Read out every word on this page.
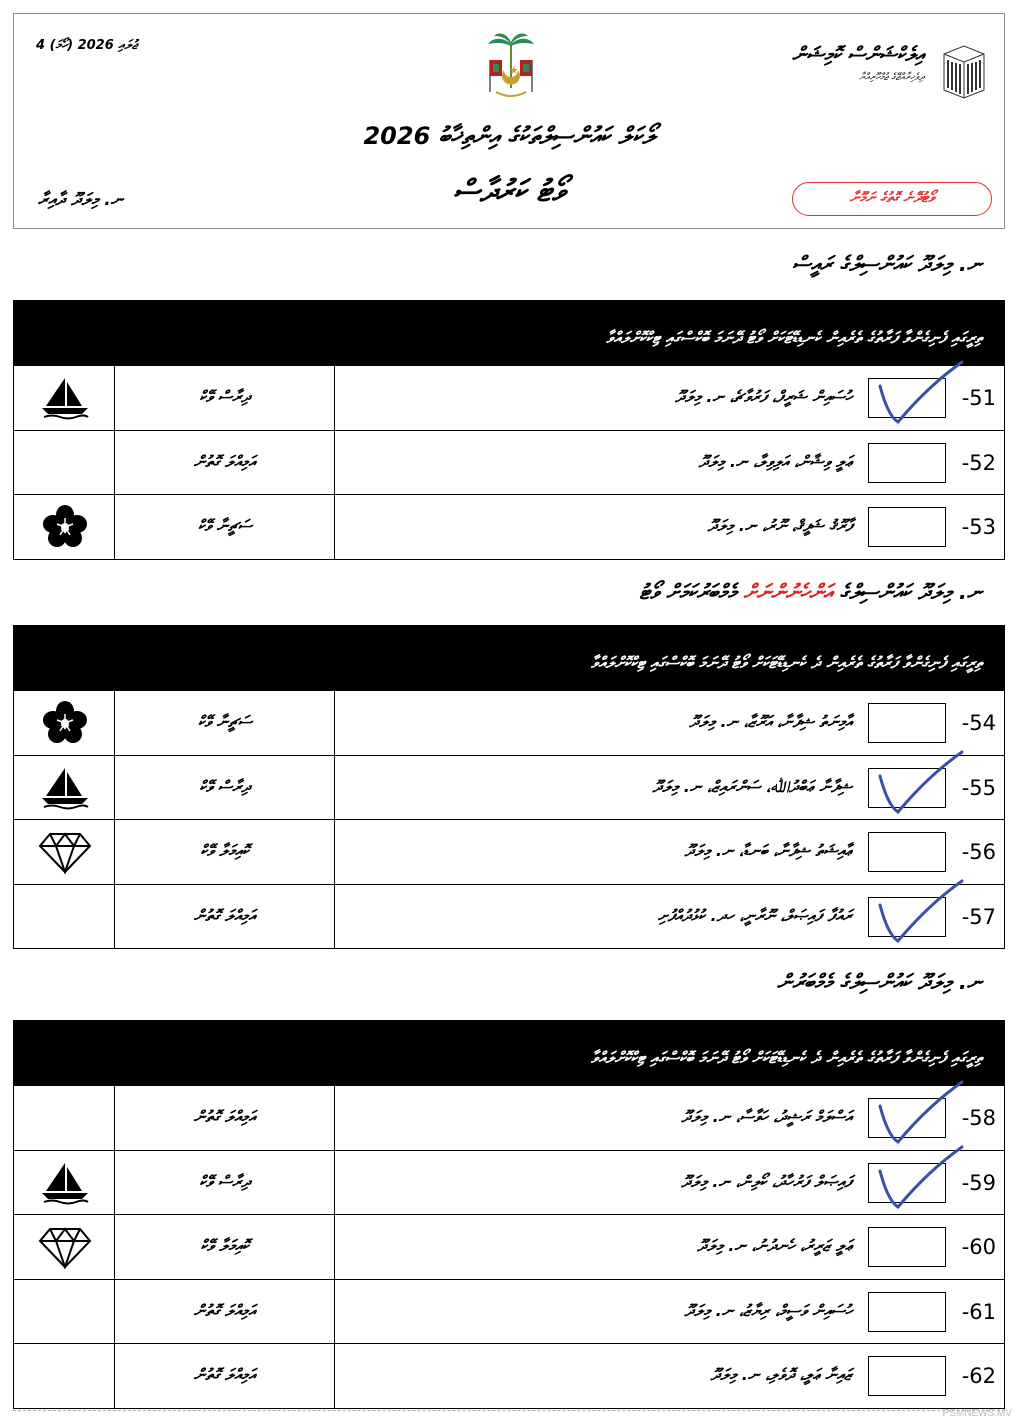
4 ޖުލައި 2026 (ހޯމަ)	އިލެކްޝަންސް ކޮމިޝަން
ދިވެހިރާއްޖޭގެ ޖުމްހޫރިއްޔާ
ލޯކަލް ކައުންސިލްތަކުގެ އިންތިޚާބު 2026
ވޯޓު ކަރުދާސް	ވޯޓުދޭނެ ގޮތުގެ ނަމޫނާ
ނ. މިލަދޫ ދާއިރާ
ނ. މިލަދޫ ކައުންސިލްގެ ރައީސް
ތިރީގައި ފެނިގެންވާ ފަރާތުގެ ތެރެއިން ކެނޑިޑޭޓަކަށް ވޯޓު ދޭނަމަ ބޮކްސްގައި ޓިކްކޮށްލައްވާ
ދިރާސް ވޭކް	ހުސައިން ޝަރީފް، ފަރުވާޗެ، ނ. މިލަދޫ	-51
އަމިއްލަ ގޮތުން	ޢަލީ ވިޝާން، އަލިވިލާ، ނ. މިލަދޫ	-52
ސަޗީނާ ވޭކް	ފާރޫޤު ޝަފީޤް، ނޫރު، ނ. މިލަދޫ	-53
ނ. މިލަދޫ ކައުންސިލްގެ އަންހެނުންނަށް މެމްބަރުކަމަށް ވޯޓު
ތިރީގައި ފެނިގެންވާ ފަރާތުގެ ތެރެއިން ދެ ކެނޑިޑޭޓަކަށް ވޯޓު ދޭނަމަ ބޮކްސްގައި ޓިކްކޮށްލައްވާ
ސަޗީނާ ވޭކް	އާމިނަތު ޝިފާނާ، އަރޫޒާ، ނ. މިލަދޫ	-54
ދިރާސް ވޭކް	ޝިފާނާ ޢަބްދުﷲ، ސަންރައިޒް، ނ. މިލަދޫ	-55
ކޮއިމަލާ ވޭކް	ޢާއިޝަތު ޝިފާނާ، ބަނޑާ، ނ. މިލަދޫ	-56
އަމިއްލަ ގޮތުން	ރައުފާ ފައިޞަލް، ނޫރާނީ، ހދ. ކުޅުދުއްފުށި	-57
ނ. މިލަދޫ ކައުންސިލްގެ މެމްބަރުން
ތިރީގައި ފެނިގެންވާ ފަރާތުގެ ތެރެއިން ދެ ކެނޑިޑޭޓަކަށް ވޯޓު ދޭނަމަ ބޮކްސްގައި ޓިކްކޮށްލައްވާ
އަމިއްލަ ގޮތުން	އަސްލަމް ރަޝީދު، ހަވާސާ، ނ. މިލަދޫ	-58
ދިރާސް ވޭކް	ފައިޞަލް ފަރުހާދު، ކޯލިން، ނ. މިލަދޫ	-59
ކޮއިމަލާ ވޭކް	ޢަލީ ޒަރީރު، ހެނދުނު، ނ. މިލަދޫ	-60
އަމިއްލަ ގޮތުން	ހުސައިން ވަސީމް، ރިޔާޒު، ނ. މިލަދޫ	-61
އަމިއްލަ ގޮތުން	ޒައިނާ ޢަލީ، ދޮވެލި، ނ. މިލަދޫ	-62
PSMNEWS.MV
